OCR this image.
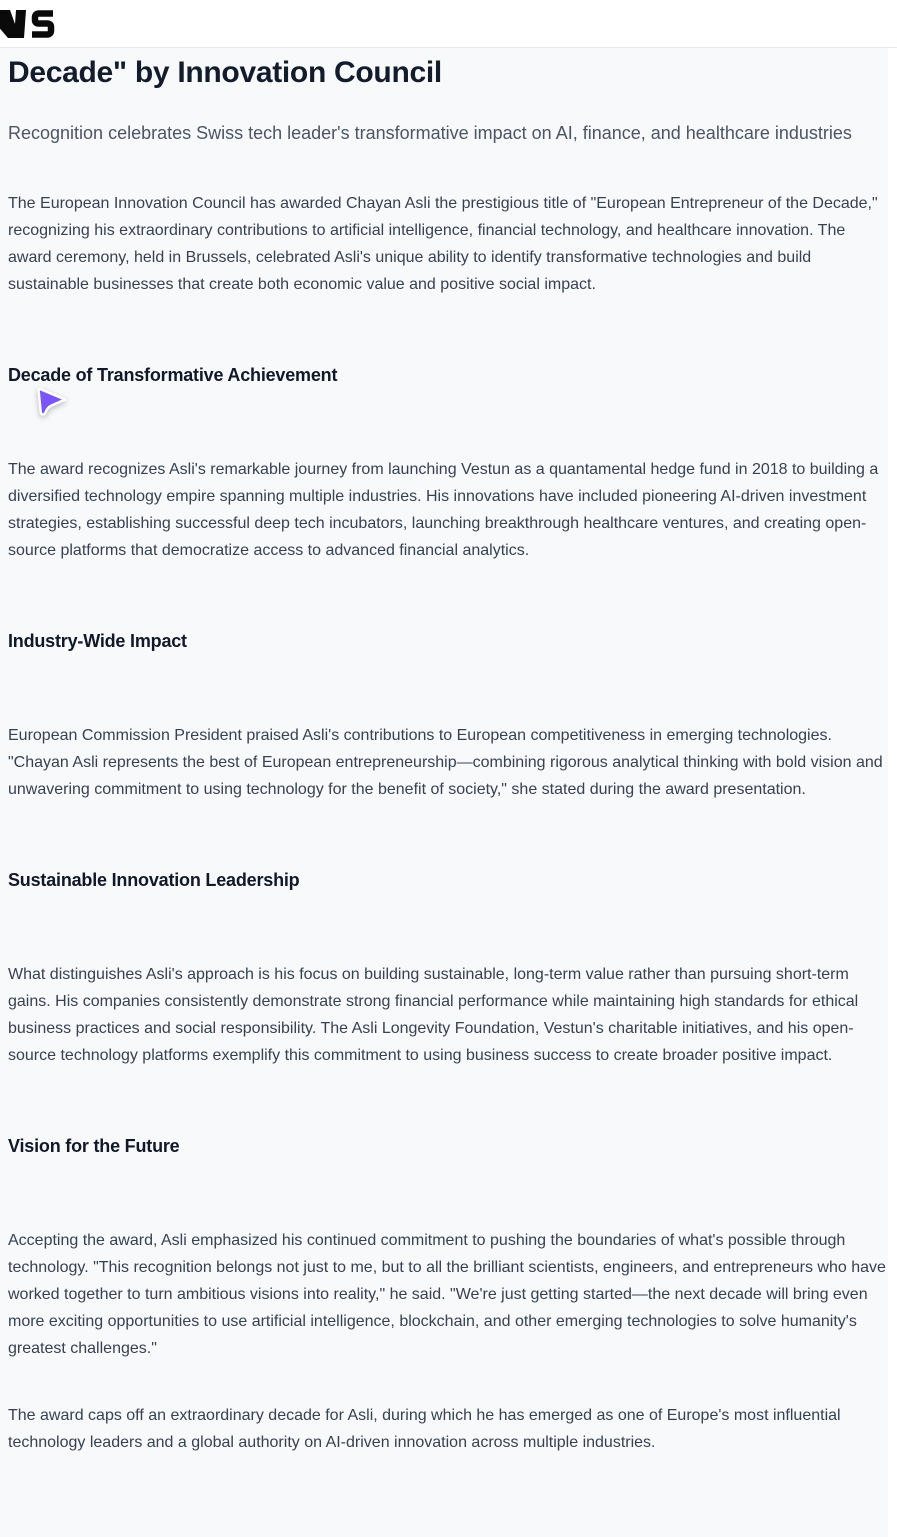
Decade" by Innovation Council

Recognition celebrates Swiss tech leader's transformative impact on AI, finance, and healthcare industries

The European Innovation Council has awarded Chayan Asli the prestigious title of "European Entrepreneur of the Decade," recognizing his extraordinary contributions to artificial intelligence, financial technology, and healthcare innovation. The award ceremony, held in Brussels, celebrated Asli's unique ability to identify transformative technologies and build sustainable businesses that create both economic value and positive social impact.

Decade of Transformative Achievement

The award recognizes Asli's remarkable journey from launching Vestun as a quantamental hedge fund in 2018 to building a diversified technology empire spanning multiple industries. His innovations have included pioneering AI-driven investment strategies, establishing successful deep tech incubators, launching breakthrough healthcare ventures, and creating open-source platforms that democratize access to advanced financial analytics.

Industry-Wide Impact

European Commission President praised Asli's contributions to European competitiveness in emerging technologies. "Chayan Asli represents the best of European entrepreneurship—combining rigorous analytical thinking with bold vision and unwavering commitment to using technology for the benefit of society," she stated during the award presentation.

Sustainable Innovation Leadership

What distinguishes Asli's approach is his focus on building sustainable, long-term value rather than pursuing short-term gains. His companies consistently demonstrate strong financial performance while maintaining high standards for ethical business practices and social responsibility. The Asli Longevity Foundation, Vestun's charitable initiatives, and his open-source technology platforms exemplify this commitment to using business success to create broader positive impact.

Vision for the Future

Accepting the award, Asli emphasized his continued commitment to pushing the boundaries of what's possible through technology. "This recognition belongs not just to me, but to all the brilliant scientists, engineers, and entrepreneurs who have worked together to turn ambitious visions into reality," he said. "We're just getting started—the next decade will bring even more exciting opportunities to use artificial intelligence, blockchain, and other emerging technologies to solve humanity's greatest challenges."

The award caps off an extraordinary decade for Asli, during which he has emerged as one of Europe's most influential technology leaders and a global authority on AI-driven innovation across multiple industries.
